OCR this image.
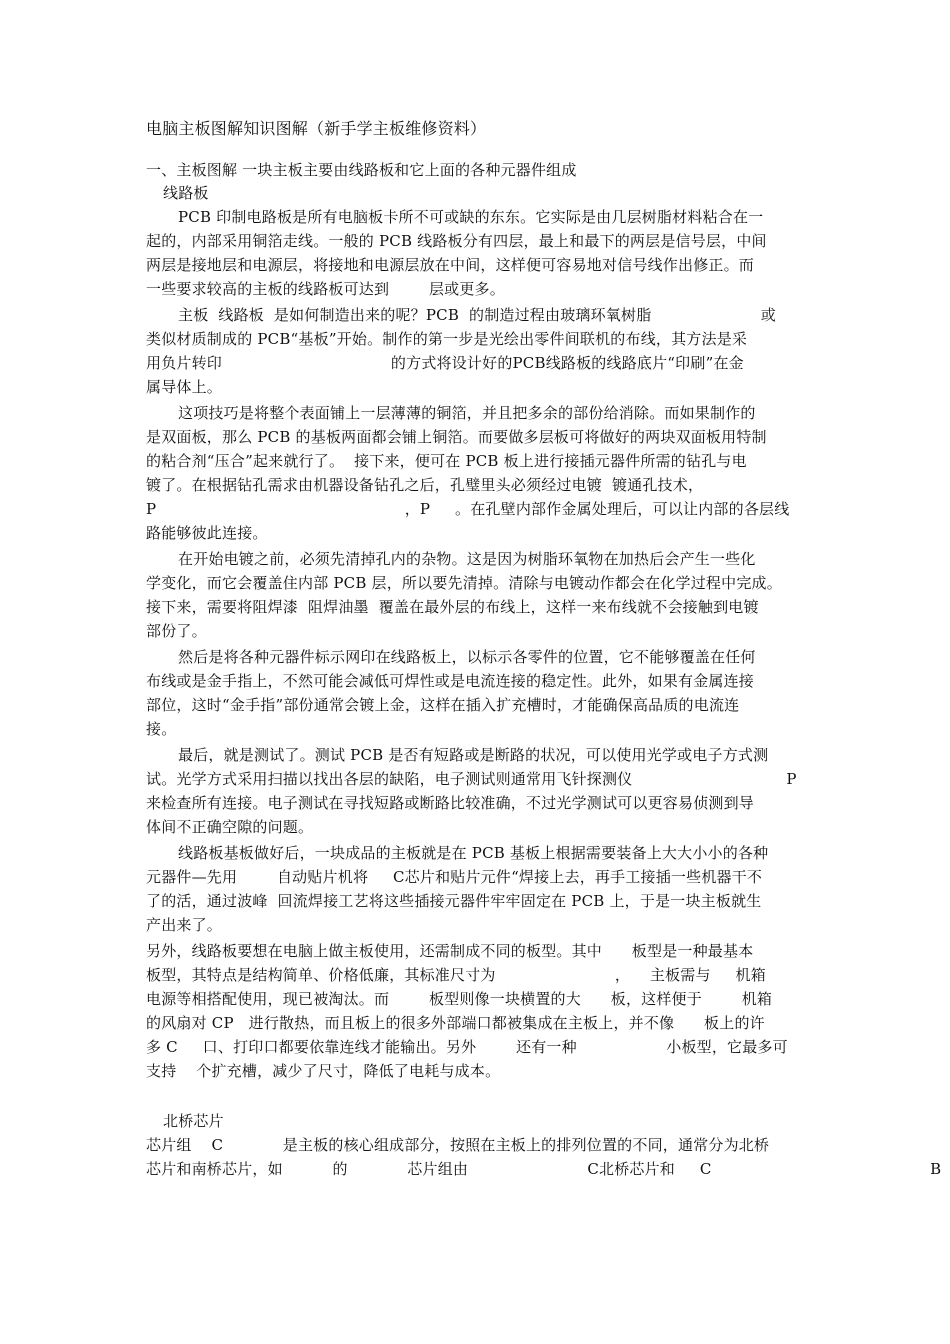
电脑主板图解知识图解（新手学主板维修资料）
一、主板图解 一块主板主要由线路板和它上面的各种元器件组成
线路板
PCB 印制电路板是所有电脑板卡所不可或缺的东东。它实际是由几层树脂材料粘合在一
起的，内部采用铜箔走线。一般的 PCB 线路板分有四层，最上和最下的两层是信号层，中间
两层是接地层和电源层，将接地和电源层放在中间，这样便可容易地对信号线作出修正。而
一些要求较高的主板的线路板可达到        层或更多。
主板  线路板  是如何制造出来的呢？PCB  的制造过程由玻璃环氧树脂                      或
类似材质制成的 PCB“基板”开始。制作的第一步是光绘出零件间联机的布线，其方法是采
用负片转印                                  的方式将设计好的PCB线路板的线路底片“印刷”在金
属导体上。
这项技巧是将整个表面铺上一层薄薄的铜箔，并且把多余的部份给消除。而如果制作的
是双面板，那么 PCB 的基板两面都会铺上铜箔。而要做多层板可将做好的两块双面板用特制
的粘合剂“压合”起来就行了。  接下来，便可在 PCB 板上进行接插元器件所需的钻孔与电
镀了。在根据钻孔需求由机器设备钻孔之后，孔璧里头必须经过电镀  镀通孔技术，
P                                                  ，P     。在孔壁内部作金属处理后，可以让内部的各层线
路能够彼此连接。
在开始电镀之前，必须先清掉孔内的杂物。这是因为树脂环氧物在加热后会产生一些化
学变化，而它会覆盖住内部 PCB 层，所以要先清掉。清除与电镀动作都会在化学过程中完成。
接下来，需要将阻焊漆  阻焊油墨  覆盖在最外层的布线上，这样一来布线就不会接触到电镀
部份了。
然后是将各种元器件标示网印在线路板上，以标示各零件的位置，它不能够覆盖在任何
布线或是金手指上，不然可能会减低可焊性或是电流连接的稳定性。此外，如果有金属连接
部位，这时“金手指”部份通常会镀上金，这样在插入扩充槽时，才能确保高品质的电流连
接。
最后，就是测试了。测试 PCB 是否有短路或是断路的状况，可以使用光学或电子方式测
试。光学方式采用扫描以找出各层的缺陷，电子测试则通常用飞针探测仪                               P
来检查所有连接。电子测试在寻找短路或断路比较准确，不过光学测试可以更容易侦测到导
体间不正确空隙的问题。
线路板基板做好后，一块成品的主板就是在 PCB 基板上根据需要装备上大大小小的各种
元器件—先用        自动贴片机将     C芯片和贴片元件“焊接上去，再手工接插一些机器干不
了的活，通过波峰  回流焊接工艺将这些插接元器件牢牢固定在 PCB 上，于是一块主板就生
产出来了。
另外，线路板要想在电脑上做主板使用，还需制成不同的板型。其中      板型是一种最基本
板型，其特点是结构简单、价格低廉，其标准尺寸为                        ，    主板需与     机箱
电源等相搭配使用，现已被淘汰。而        板型则像一块横置的大      板，这样便于        机箱
的风扇对 CP   进行散热，而且板上的很多外部端口都被集成在主板上，并不像      板上的许
多 C     口、打印口都要依靠连线才能输出。另外        还有一种                  小板型，它最多可
支持    个扩充槽，减少了尺寸，降低了电耗与成本。
北桥芯片
芯片组    C            是主板的核心组成部分，按照在主板上的排列位置的不同，通常分为北桥
芯片和南桥芯片，如          的            芯片组由                        C北桥芯片和     C                                            B
